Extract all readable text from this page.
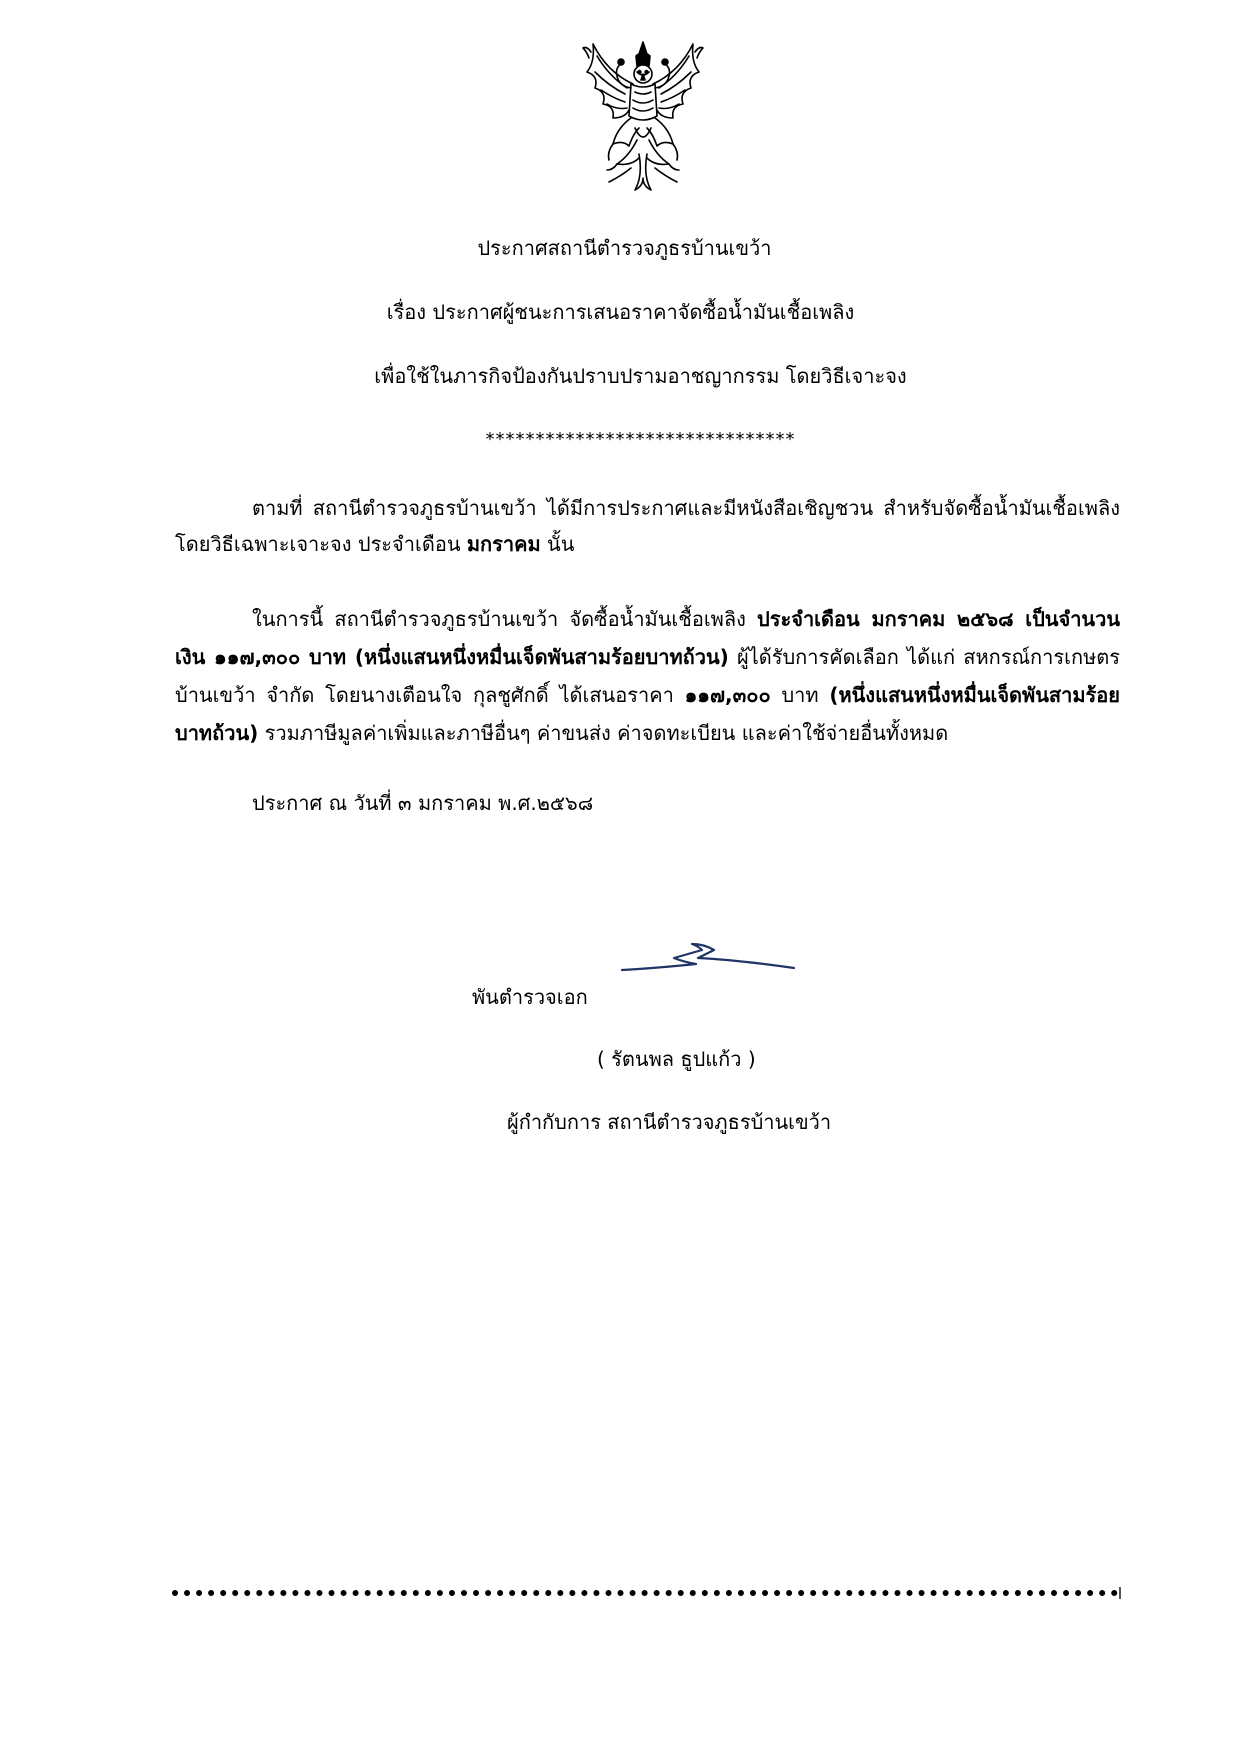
ประกาศสถานีตำรวจภูธรบ้านเขว้า
เรื่อง ประกาศผู้ชนะการเสนอราคาจัดซื้อน้ำมันเชื้อเพลิง
เพื่อใช้ในภารกิจป้องกันปราบปรามอาชญากรรม โดยวิธีเจาะจง
*******************************
ตามที่ สถานีตำรวจภูธรบ้านเขว้า ได้มีการประกาศและมีหนังสือเชิญชวน สำหรับจัดซื้อน้ำมันเชื้อเพลิง โดยวิธีเฉพาะเจาะจง ประจำเดือน มกราคม นั้น
ในการนี้ สถานีตำรวจภูธรบ้านเขว้า จัดซื้อน้ำมันเชื้อเพลิง ประจำเดือน มกราคม ๒๕๖๘ เป็นจำนวนเงิน ๑๑๗,๓๐๐ บาท (หนึ่งแสนหนึ่งหมื่นเจ็ดพันสามร้อยบาทถ้วน) ผู้ได้รับการคัดเลือก ได้แก่ สหกรณ์การเกษตรบ้านเขว้า จำกัด โดยนางเตือนใจ กุลชูศักดิ์ ได้เสนอราคา ๑๑๗,๓๐๐ บาท (หนึ่งแสนหนึ่งหมื่นเจ็ดพันสามร้อยบาทถ้วน) รวมภาษีมูลค่าเพิ่มและภาษีอื่นๆ ค่าขนส่ง ค่าจดทะเบียน และค่าใช้จ่ายอื่นทั้งหมด
ประกาศ ณ วันที่ ๓ มกราคม พ.ศ.๒๕๖๘
พันตำรวจเอก
( รัตนพล ธูปแก้ว )
ผู้กำกับการ สถานีตำรวจภูธรบ้านเขว้า
